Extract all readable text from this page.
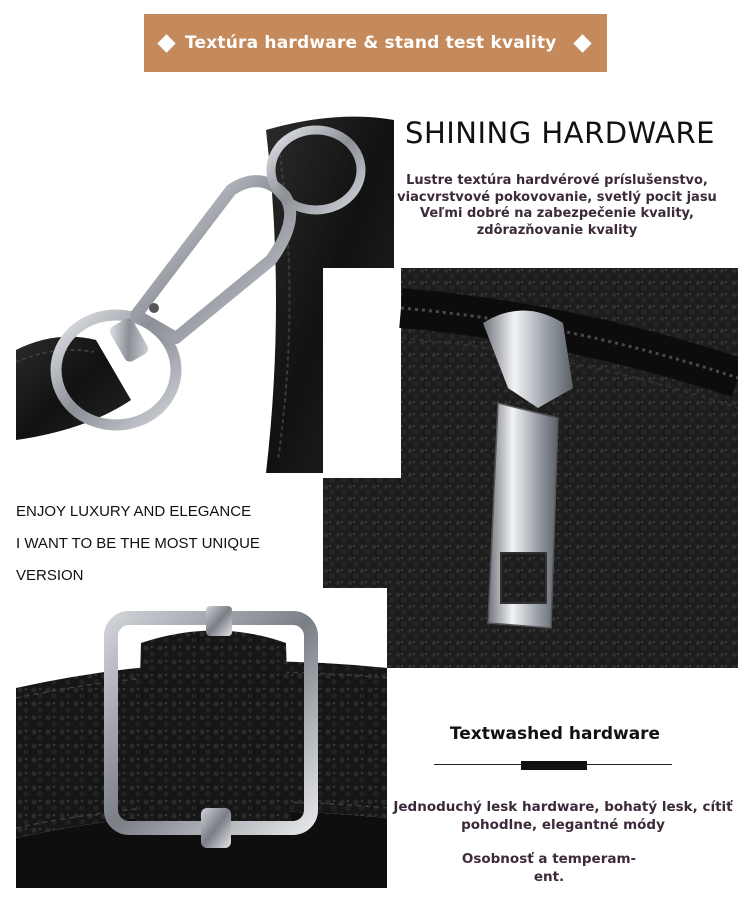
Textúra hardware & stand test kvality
SHINING HARDWARE
Lustre textúra hardvérové príslušenstvo,
viacvrstvové pokovovanie, svetlý pocit jasu
Veľmi dobré na zabezpečenie kvality,
zdôrazňovanie kvality
ENJOY LUXURY AND ELEGANCE
I WANT TO BE THE MOST UNIQUE VERSION
Textwashed hardware
Jednoduchý lesk hardware, bohatý lesk, cítiť
pohodlne, elegantné módy
Osobnosť a temperam-
ent.
